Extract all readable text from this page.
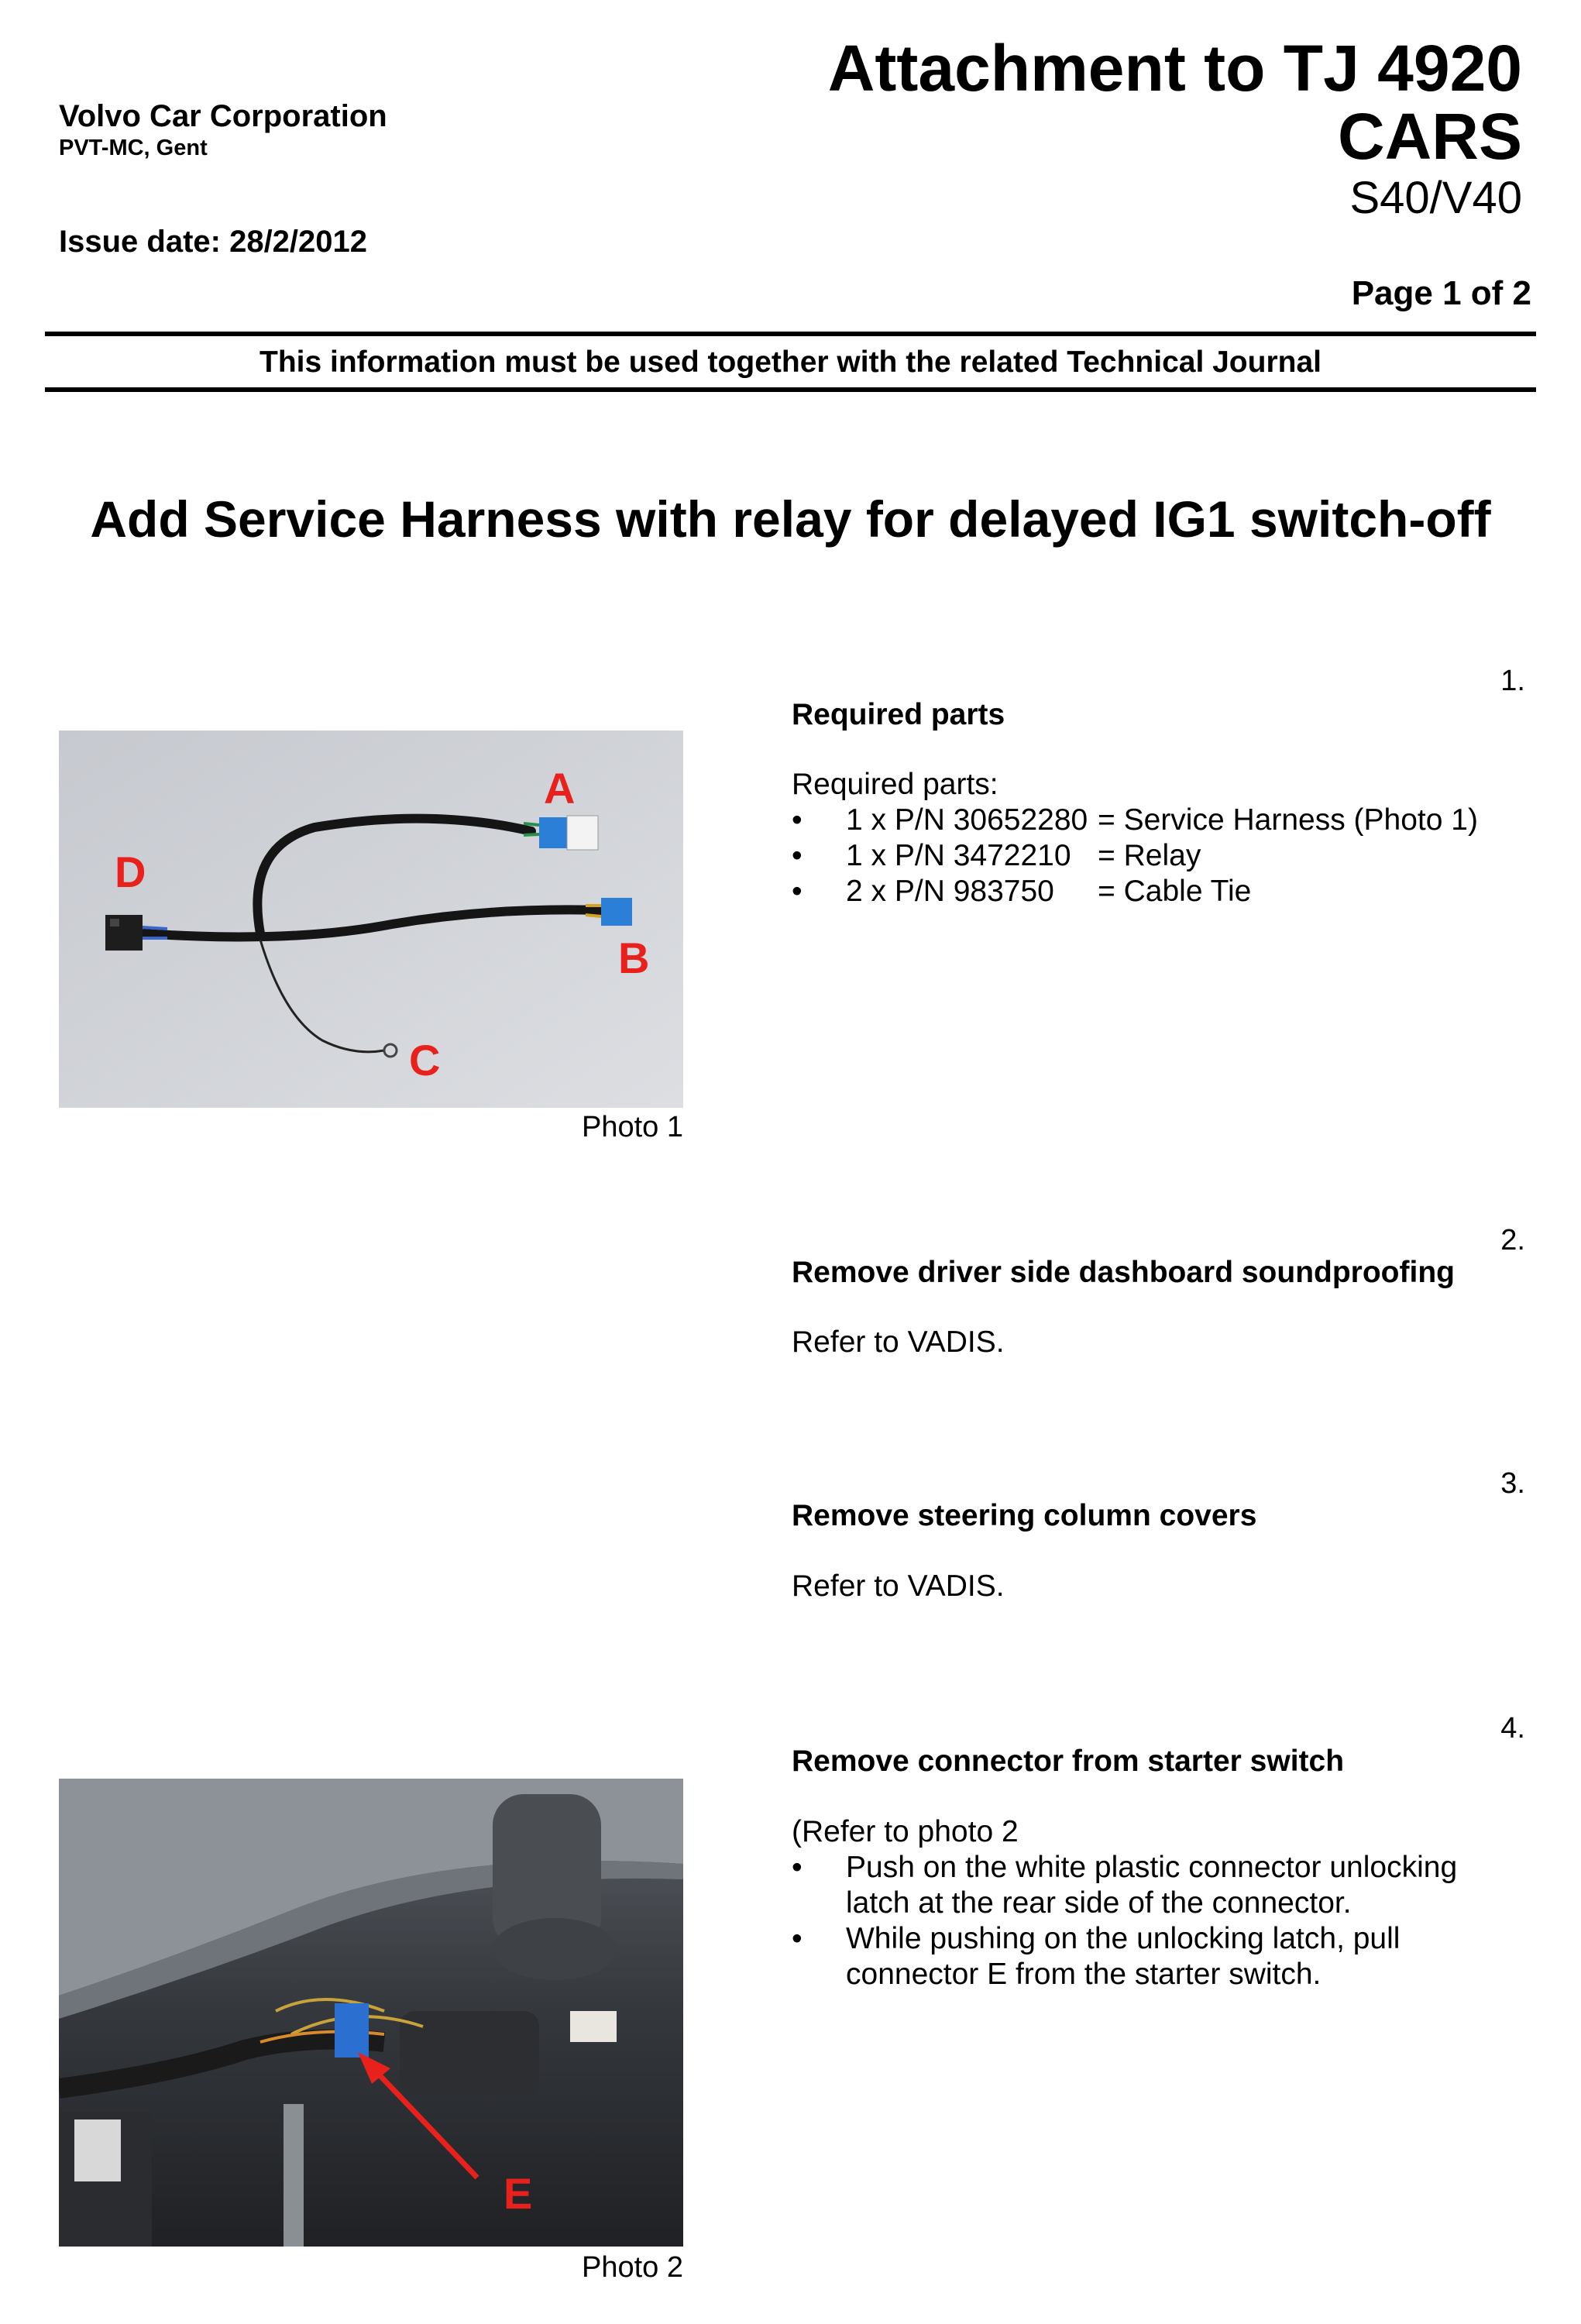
Volvo Car Corporation
PVT-MC, Gent
Issue date: 28/2/2012
Attachment to TJ 4920
CARS
S40/V40
Page 1 of 2
This information must be used together with the related Technical Journal
Add Service Harness with relay for delayed IG1 switch-off
1.
Required parts
Required parts:
• 1 x P/N 30652280 = Service Harness (Photo 1)
• 1 x P/N 3472210 = Relay
• 2 x P/N 983750 = Cable Tie
A
D
B
C
Photo 1
2.
Remove driver side dashboard soundproofing
Refer to VADIS.
3.
Remove steering column covers
Refer to VADIS.
4.
Remove connector from starter switch
(Refer to photo 2
• Push on the white plastic connector unlocking latch at the rear side of the connector.
• While pushing on the unlocking latch, pull connector E from the starter switch.
E
Photo 2
